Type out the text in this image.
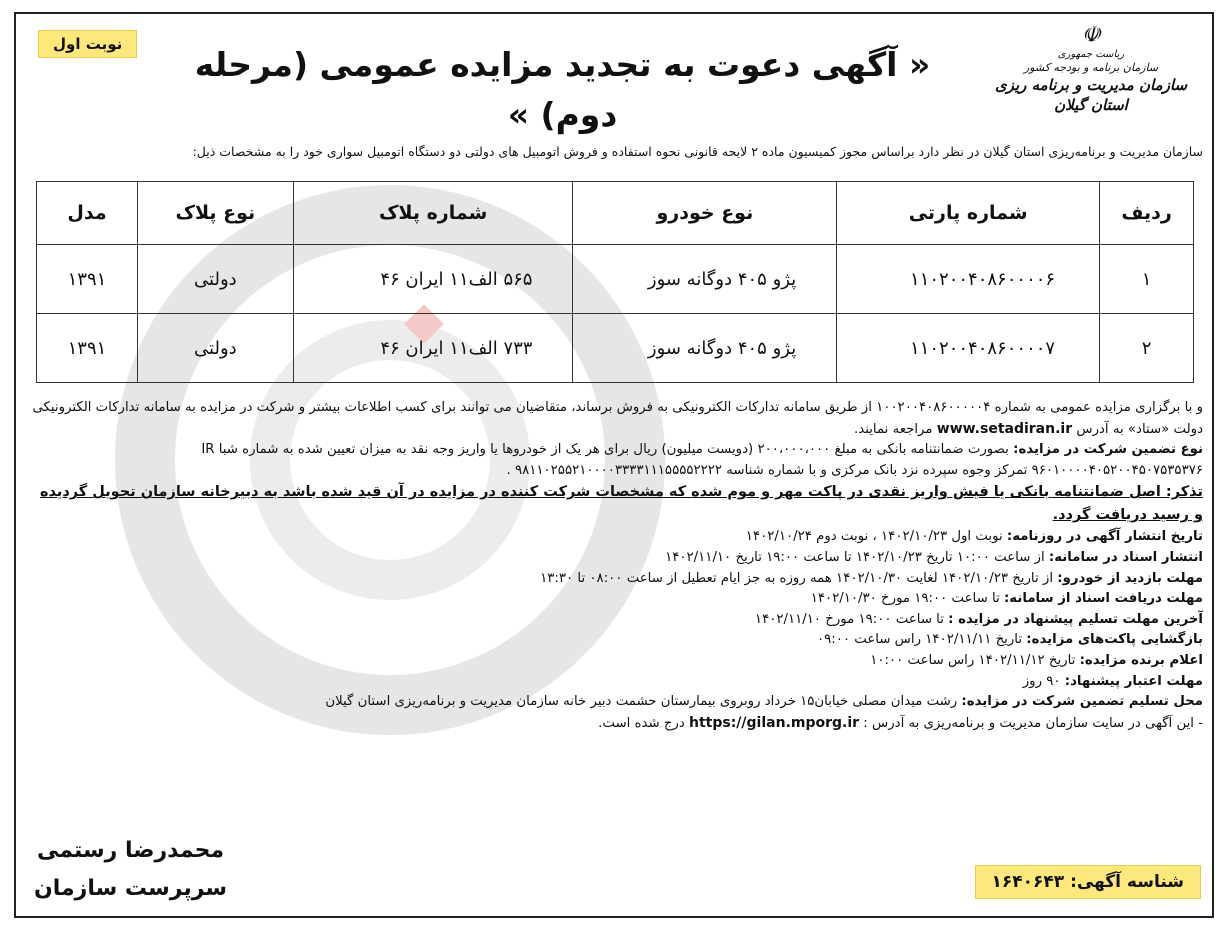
نوبت اول
« آگهی دعوت به تجدید مزایده عمومی (مرحله دوم) »
☫
ریاست جمهوری
سازمان برنامه و بودجه کشور
سازمان مدیریت و برنامه ریزی استان گیلان
سازمان مدیریت و برنامه‌ریزی استان گیلان در نظر دارد براساس مجوز کمیسیون ماده ۲ لایحه قانونی نحوه استفاده و فروش اتومبیل های دولتی دو دستگاه اتومبیل سواری خود را به مشخصات ذیل:
ردیف	شماره پارتی	نوع خودرو	شماره پلاک	نوع پلاک	مدل
۱	۱۱۰۲۰۰۴۰۸۶۰۰۰۰۶	پژو ۴۰۵ دوگانه سوز	۵۶۵ الف۱۱ ایران ۴۶	دولتی	۱۳۹۱
۲	۱۱۰۲۰۰۴۰۸۶۰۰۰۰۷	پژو ۴۰۵ دوگانه سوز	۷۳۳ الف۱۱ ایران ۴۶	دولتی	۱۳۹۱

و با برگزاری مزایده عمومی به شماره ۱۰۰۲۰۰۴۰۸۶۰۰۰۰۰۴ از طریق سامانه تدارکات الکترونیکی به فروش برساند، متقاضیان می توانند برای کسب اطلاعات بیشتر و شرکت در مزایده به سامانه تدارکات الکترونیکی دولت «ستاد» به آدرس www.setadiran.ir مراجعه نمایند.

نوع تضمین شرکت در مزایده: بصورت ضمانتنامه بانکی به مبلغ ۲۰۰،۰۰۰،۰۰۰ (دویست میلیون) ریال برای هر یک از خودروها یا واریز وجه نقد به میزان تعیین شده به شماره شبا IR ۹۶۰۱۰۰۰۰۴۰۵۲۰۰۴۵۰۷۵۳۵۳۷۶ تمرکز وجوه سپرده نزد بانک مرکزی و با شماره شناسه ۹۸۱۱۰۲۵۵۲۱۰۰۰۰۳۳۳۳۱۱۱۵۵۵۵۲۲۲۲ .

تذکر: اصل ضمانتنامه بانکی یا فیش واریز نقدی در پاکت مهر و موم شده که مشخصات شرکت کننده در مزایده در آن قید شده باشد به دبیرخانه سازمان تحویل گردیده و رسید دریافت گردد.

تاریخ انتشار آگهی در روزنامه: نوبت اول ۱۴۰۲/۱۰/۲۳ ، نوبت دوم ۱۴۰۲/۱۰/۲۴

انتشار اسناد در سامانه: از ساعت ۱۰:۰۰ تاریخ ۱۴۰۲/۱۰/۲۳ تا ساعت ۱۹:۰۰ تاریخ ۱۴۰۲/۱۱/۱۰

مهلت بازدید از خودرو: از تاریخ ۱۴۰۲/۱۰/۲۳ لغایت ۱۴۰۲/۱۰/۳۰ همه روزه به جز ایام تعطیل از ساعت ۰۸:۰۰ تا ۱۳:۳۰

مهلت دریافت اسناد از سامانه: تا ساعت ۱۹:۰۰ مورخ ۱۴۰۲/۱۰/۳۰

آخرین مهلت تسلیم پیشنهاد در مزایده : تا ساعت ۱۹:۰۰ مورخ ۱۴۰۲/۱۱/۱۰

بازگشایی پاکت‌های مزایده: تاریخ ۱۴۰۲/۱۱/۱۱ راس ساعت ۰۹:۰۰

اعلام برنده مزایده: تاریخ ۱۴۰۲/۱۱/۱۲ راس ساعت ۱۰:۰۰

مهلت اعتبار پیشنهاد: ۹۰ روز

محل تسلیم تضمین شرکت در مزایده: رشت میدان مصلی خیابان۱۵ خرداد روبروی بیمارستان حشمت دبیر خانه سازمان مدیریت و برنامه‌ریزی استان گیلان

- این آگهی در سایت سازمان مدیریت و برنامه‌ریزی به آدرس : https://gilan.mporg.ir درج شده است.

محمدرضا رستمی
سرپرست سازمان	شناسه آگهی: ۱۶۴۰۶۴۳
